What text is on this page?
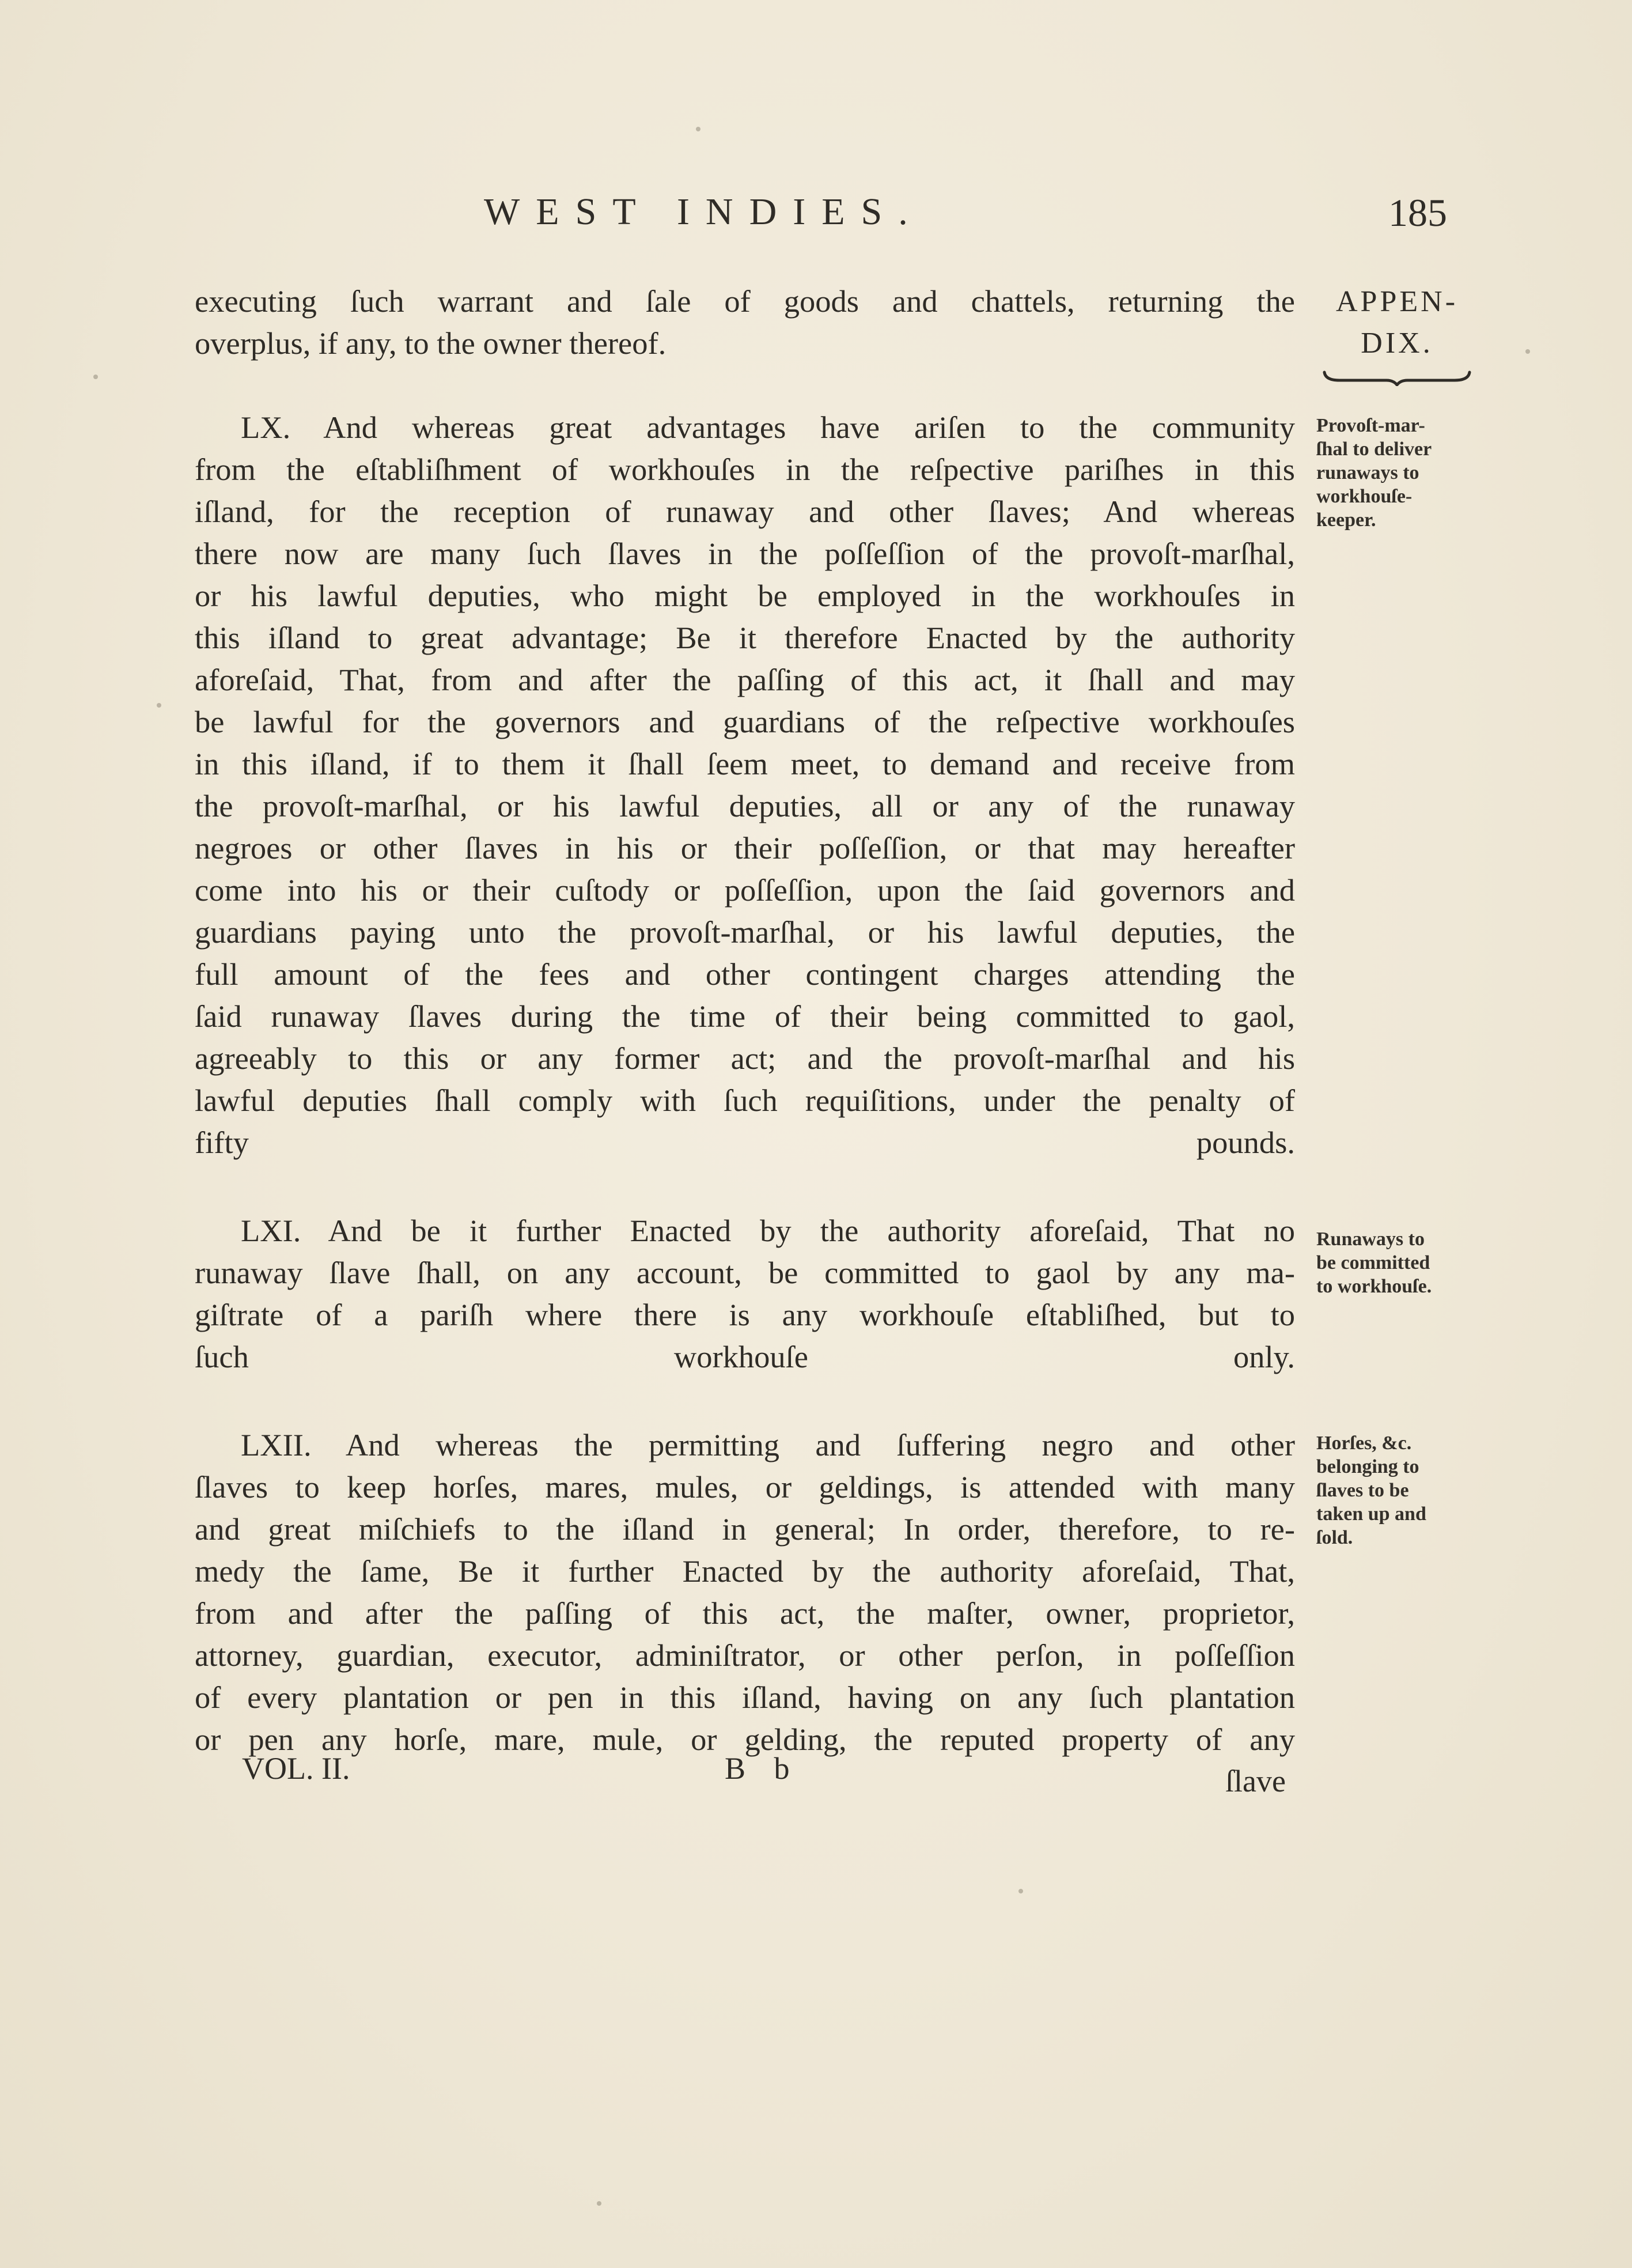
WEST INDIES.	185
APPEN-
DIX.
executing ſuch warrant and ſale of goods and chattels, returning the
overplus, if any, to the owner thereof.
LX. And whereas great advantages have ariſen to the community
from the eſtabliſhment of workhouſes in the reſpective pariſhes in this
iſland, for the reception of runaway and other ſlaves; And whereas
there now are many ſuch ſlaves in the poſſeſſion of the provoſt-marſhal,
or his lawful deputies, who might be employed in the workhouſes in
this iſland to great advantage; Be it therefore Enacted by the authority
aforeſaid, That, from and after the paſſing of this act, it ſhall and may
be lawful for the governors and guardians of the reſpective workhouſes
in this iſland, if to them it ſhall ſeem meet, to demand and receive from
the provoſt-marſhal, or his lawful deputies, all or any of the runaway
negroes or other ſlaves in his or their poſſeſſion, or that may hereafter
come into his or their cuſtody or poſſeſſion, upon the ſaid governors and
guardians paying unto the provoſt-marſhal, or his lawful deputies, the
full amount of the fees and other contingent charges attending the
ſaid runaway ſlaves during the time of their being committed to gaol,
agreeably to this or any former act; and the provoſt-marſhal and his
lawful deputies ſhall comply with ſuch requiſitions, under the penalty of
fifty pounds.
LXI. And be it further Enacted by the authority aforeſaid, That no
runaway ſlave ſhall, on any account, be committed to gaol by any ma-
giſtrate of a pariſh where there is any workhouſe eſtabliſhed, but to
ſuch workhouſe only.
LXII. And whereas the permitting and ſuffering negro and other
ſlaves to keep horſes, mares, mules, or geldings, is attended with many
and great miſchiefs to the iſland in general; In order, therefore, to re-
medy the ſame, Be it further Enacted by the authority aforeſaid, That,
from and after the paſſing of this act, the maſter, owner, proprietor,
attorney, guardian, executor, adminiſtrator, or other perſon, in poſſeſſion
of every plantation or pen in this iſland, having on any ſuch plantation
or pen any horſe, mare, mule, or gelding, the reputed property of any
Provoſt-mar-
ſhal to deliver
runaways to
workhouſe-
keeper.
Runaways to
be committed
to workhouſe.
Horſes, &c.
belonging to
ſlaves to be
taken up and
ſold.
VOL. II.	B b	ſlave
